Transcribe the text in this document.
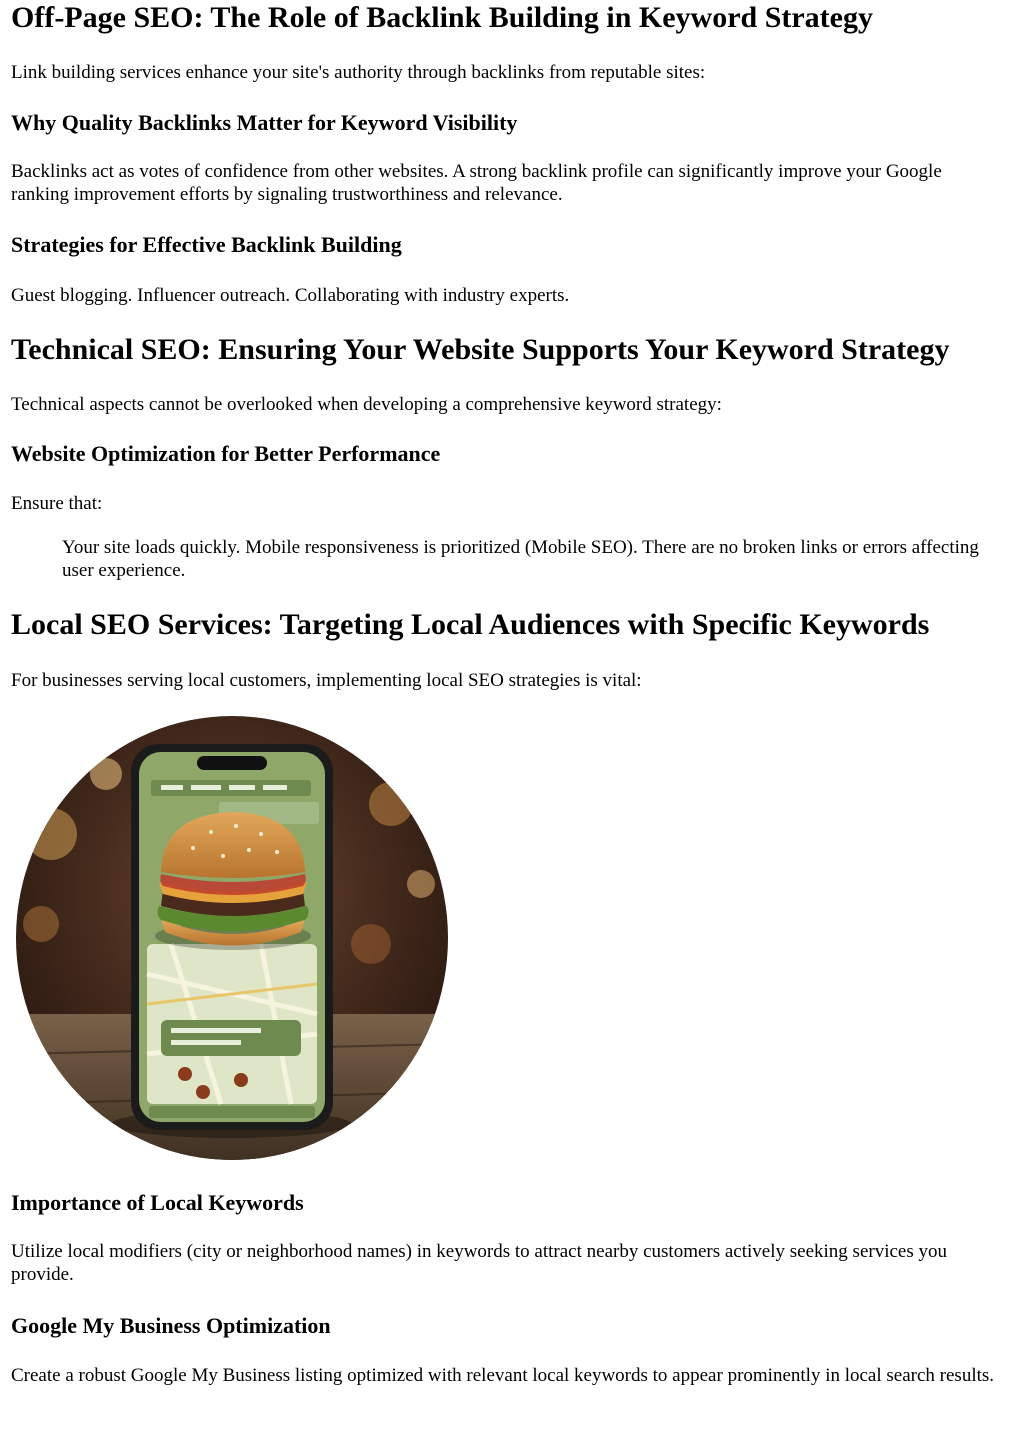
Off-Page SEO: The Role of Backlink Building in Keyword Strategy

Link building services enhance your site's authority through backlinks from reputable sites:

Why Quality Backlinks Matter for Keyword Visibility

Backlinks act as votes of confidence from other websites. A strong backlink profile can significantly improve your Google ranking improvement efforts by signaling trustworthiness and relevance.

Strategies for Effective Backlink Building

Guest blogging. Influencer outreach. Collaborating with industry experts.

Technical SEO: Ensuring Your Website Supports Your Keyword Strategy

Technical aspects cannot be overlooked when developing a comprehensive keyword strategy:

Website Optimization for Better Performance

Ensure that:

Your site loads quickly. Mobile responsiveness is prioritized (Mobile SEO). There are no broken links or errors affecting user experience.

Local SEO Services: Targeting Local Audiences with Specific Keywords

For businesses serving local customers, implementing local SEO strategies is vital:

Importance of Local Keywords

Utilize local modifiers (city or neighborhood names) in keywords to attract nearby customers actively seeking services you provide.

Google My Business Optimization

Create a robust Google My Business listing optimized with relevant local keywords to appear prominently in local search results.
